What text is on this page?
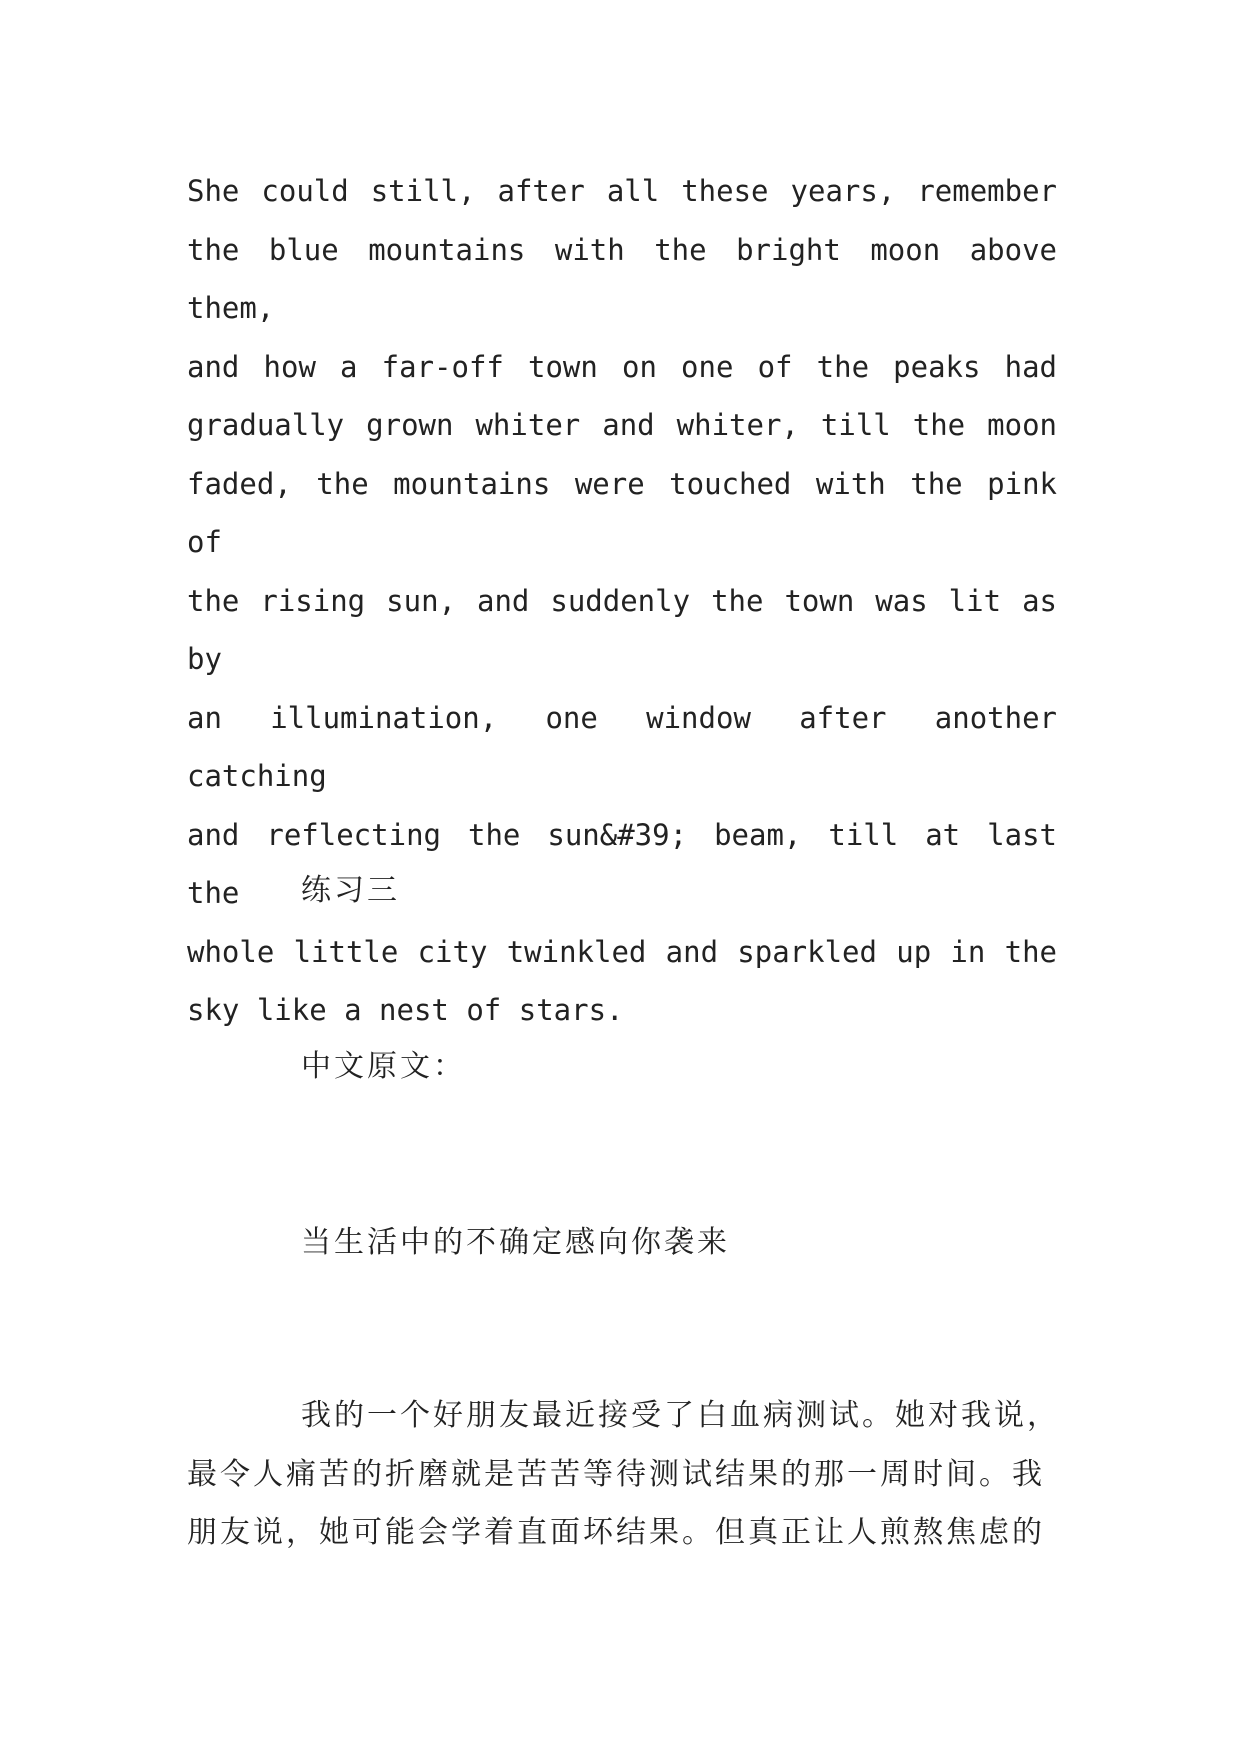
She could still, after all these years, remember
the blue mountains with the bright moon above them,
and how a far-off town on one of the peaks had
gradually grown whiter and whiter, till the moon
faded, the mountains were touched with the pink of
the rising sun, and suddenly the town was lit as by
an illumination, one window after another catching
and reflecting the sun&#39; beam, till at last the
whole little city twinkled and sparkled up in the
sky like a nest of stars.

练习三

中文原文：

当生活中的不确定感向你袭来

我的一个好朋友最近接受了白血病测试。她对我说，
最令人痛苦的折磨就是苦苦等待测试结果的那一周时间。我
朋友说，她可能会学着直面坏结果。但真正让人煎熬焦虑的
